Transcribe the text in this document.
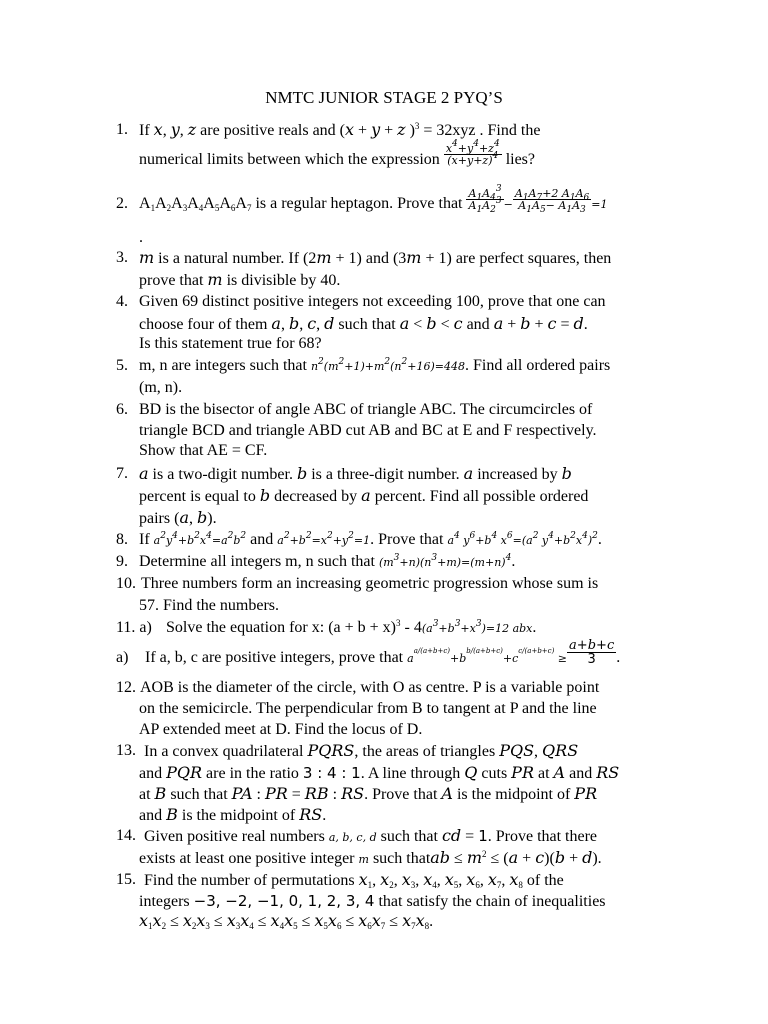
NMTC JUNIOR STAGE 2 PYQ’S
1. If x, y, z are positive reals and (x + y + z )$^3$ = 32xyz . Find the
numerical limits between which the expression $\frac{x^4+y^4+z^4}{(x+y+z)^4}$ lies?
2. $A_1A_2A_3A_4A_5A_6A_7$ is a regular heptagon. Prove that $\frac{A_1A_4^3}{A_1A_2^3} - \frac{A_1A_7+2 A_1A_6}{A_1A_5- A_1A_3} =1$
.
3. m is a natural number. If (2m + 1) and (3m + 1) are perfect squares, then
prove that m is divisible by 40.
4. Given 69 distinct positive integers not exceeding 100, prove that one can
choose four of them a, b, c, d such that a < b < c and a + b + c = d.
Is this statement true for 68?
5. m, n are integers such that $n^2(m^2+1)+m^2(n^2+16)=448$. Find all ordered pairs
(m, n).
6. BD is the bisector of angle ABC of triangle ABC. The circumcircles of
triangle BCD and triangle ABD cut AB and BC at E and F respectively.
Show that AE = CF.
7. a is a two-digit number. b is a three-digit number. a increased by b
percent is equal to b decreased by a percent. Find all possible ordered
pairs (a, b).
8. If $a^2y^4+b^2x^4=a^2b^2$ and $a^2+b^2=x^2+y^2=1$. Prove that $a^4$ $y^6+b^4$ $x^6=(a^2$ $y^4+b^2x^4)^2$.
9. Determine all integers m, n such that $(m^3+n)(n^3+m)=(m+n)^4$.
10. Three numbers form an increasing geometric progression whose sum is
57. Find the numbers.
11. a) Solve the equation for x: $(a + b + x)^3 - 4(a^3+b^3+x^3)=12$ abx.
a) If a, b, c are positive integers, prove that $a^{a/(a+b+c)}+b^{b/(a+b+c)}+c^{c/(a+b+c)} \ge \frac{a+b+c}{3}$ .
12. AOB is the diameter of the circle, with O as centre. P is a variable point
on the semicircle. The perpendicular from B to tangent at P and the line
AP extended meet at D. Find the locus of D.
13. In a convex quadrilateral PQRS, the areas of triangles PQS, QRS
and PQR are in the ratio 3 : 4 : 1. A line through Q cuts PR at A and RS
at B such that PA : PR = RB : RS. Prove that A is the midpoint of PR
and B is the midpoint of RS.
14. Given positive real numbers a, b, c, d such that cd = 1. Prove that there
exists at least one positive integer m such thatab ≤ $m^2 \le (a + c)(b + d)$.
15. Find the number of permutations $x_1$, $x_2$, $x_3$, $x_4$, $x_5$, $x_6$, $x_7$, $x_8$ of the
integers −3, −2, −1, 0, 1, 2, 3, 4 that satisfy the chain of inequalities
$x_1x_2 \le x_2x_3 \le x_3x_4 \le x_4x_5 \le x_5x_6 \le x_6x_7 \le x_7x_8$.
